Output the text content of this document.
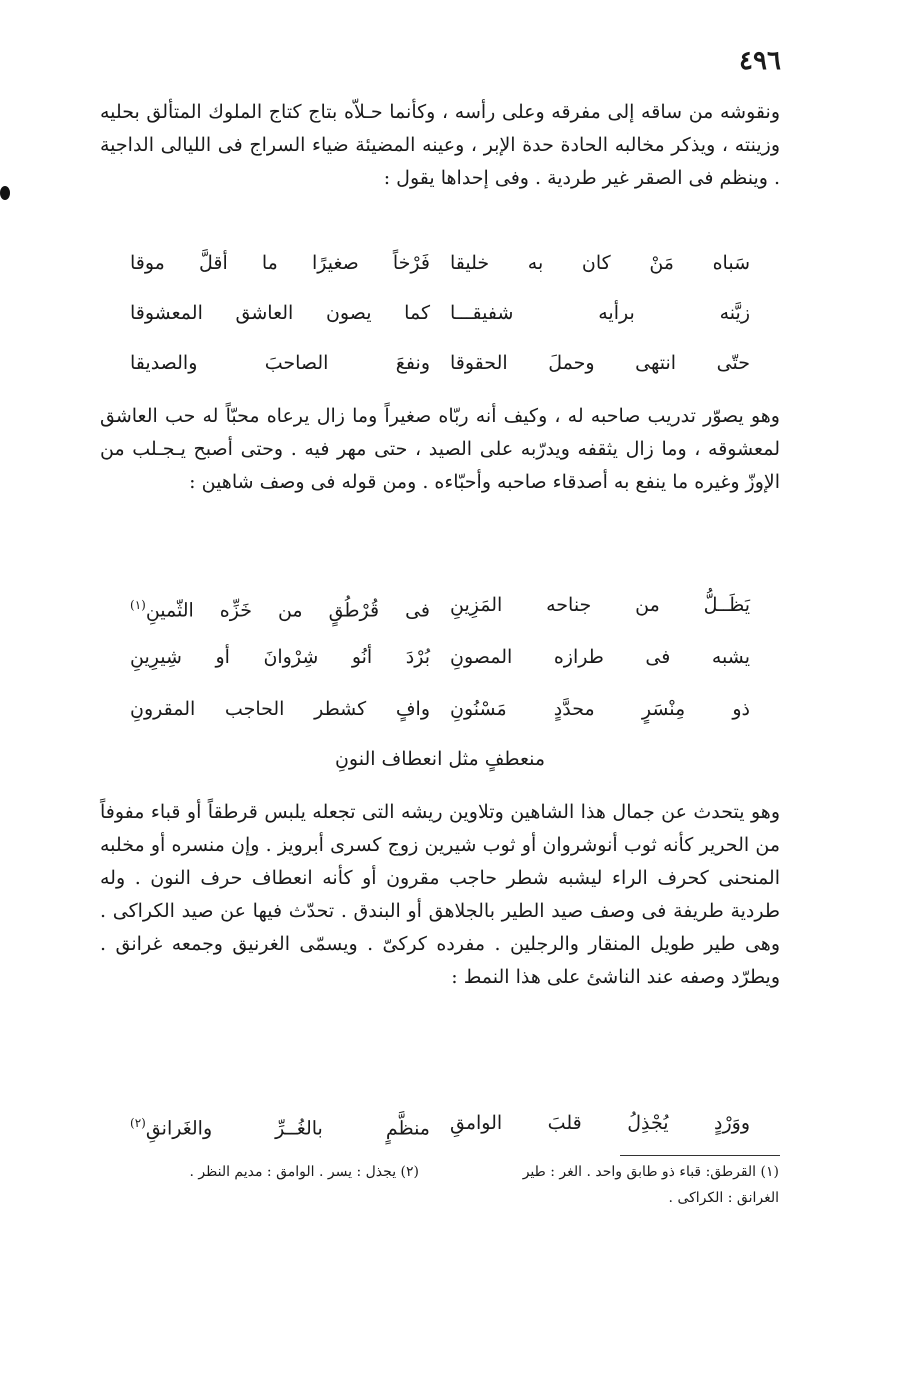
٤٩٦

ونقوشه من ساقه إلى مفرقه وعلى رأسه ، وكأنما حـلاّه بتاج كتاج الملوك المتألق بحليه وزينته ، ويذكر مخالبه الحادة حدة الإبر ، وعينه المضيئة ضياء السراج فى الليالى الداجية . وينظم فى الصقر غير طردية . وفى إحداها يقول :

سَباه مَنْ كان به خليقا
فَرْخاً صغيرًا ما أقلَّ موقا
زيَّنه برأيه شفيقـــا
كما يصون العاشق المعشوقا
حتّى انتهى وحملَ الحقوقا
ونفعَ الصاحبَ والصديقا

وهو يصوّر تدريب صاحبه له ، وكيف أنه ربّاه صغيراً وما زال يرعاه محبّاً له حب العاشق لمعشوقه ، وما زال يثقفه ويدرّبه على الصيد ، حتى مهر فيه . وحتى أصبح يـجـلب من الإوزّ وغيره ما ينفع به أصدقاء صاحبه وأحبّاءه . ومن قوله فى وصف شاهين :

يَظَــلُّ من جناحه المَزِينِ
فى قُرْطُقٍ من خَزِّه الثّمينِ$^{(١)}$
يشبه فى طرازه المصونِ
بُرْدَ أنُو شِرْوانَ أو شِيرِينِ
ذو مِنْسَرٍ محدَّدٍ مَسْنُونِ
وافٍ كشطر الحاجب المقرونِ
منعطفٍ مثل انعطاف النونِ

وهو يتحدث عن جمال هذا الشاهين وتلاوين ريشه التى تجعله يلبس قرطقاً أو قباء مفوفاً من الحرير كأنه ثوب أنوشروان أو ثوب شيرين زوج كسرى أبرويز . وإن منسره أو مخلبه المنحنى كحرف الراء ليشبه شطر حاجب مقرون أو كأنه انعطاف حرف النون . وله طردية طريفة فى وصف صيد الطير بالجلاهق أو البندق . تحدّث فيها عن صيد الكراكى . وهى طير طويل المنقار والرجلين . مفرده كركىّ . ويسمّى الغرنيق وجمعه غرانق . ويطرّد وصفه عند الناشئ على هذا النمط :

ووَرْدٍ يُجْذِلُ قلبَ الوامقِ
منظَّمٍ بالغُــرِّ والغَرانقِ$^{(٢)}$
(١) القرطق: قباء ذو طابق واحد . الغر : طير
الغرانق : الكراكى .
(٢) يجذل : يسر . الوامق : مديم النظر .
